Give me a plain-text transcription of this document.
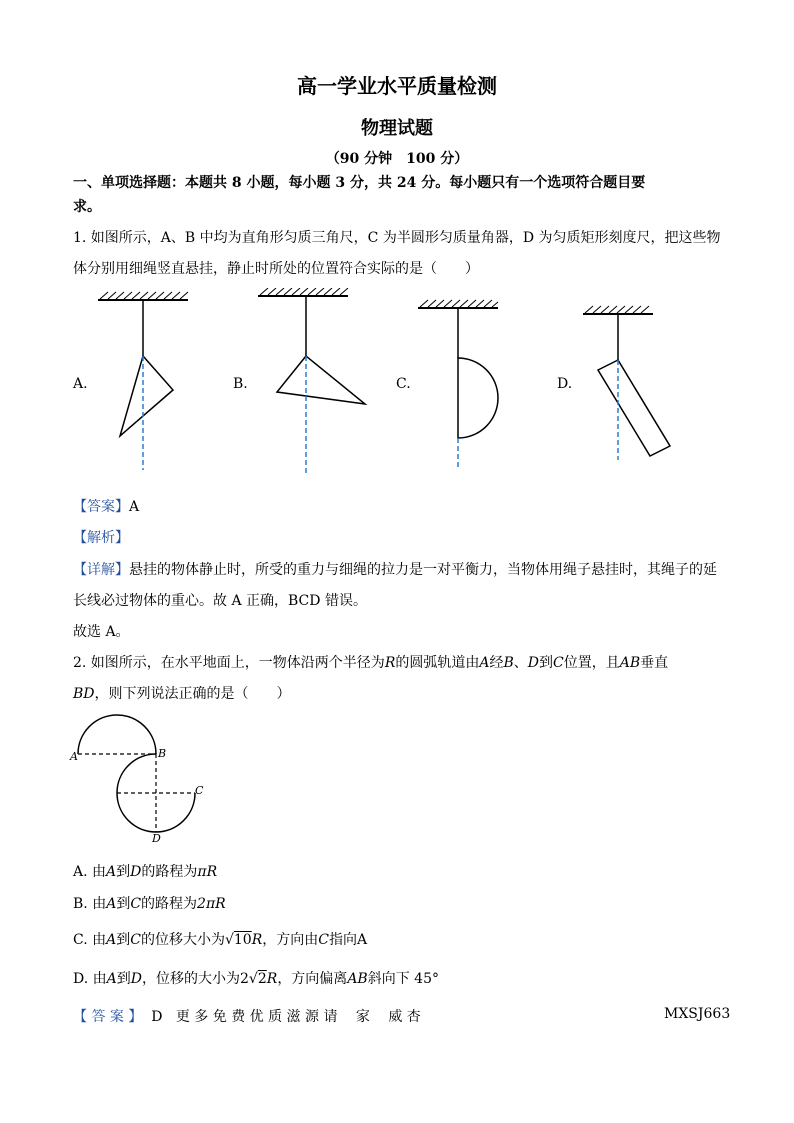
高一学业水平质量检测
物理试题
（90 分钟　100 分）
一、单项选择题：本题共 8 小题，每小题 3 分，共 24 分。每小题只有一个选项符合题目要
求。
1. 如图所示，A、B 中均为直角形匀质三角尺，C 为半圆形匀质量角器，D 为匀质矩形刻度尺，把这些物
体分别用细绳竖直悬挂，静止时所处的位置符合实际的是（　　）
A.	B.	C.	D.
【答案】A
【解析】
【详解】悬挂的物体静止时，所受的重力与细绳的拉力是一对平衡力，当物体用绳子悬挂时，其绳子的延
长线必过物体的重心。故 A 正确，BCD 错误。
故选 A。
2. 如图所示，在水平地面上，一物体沿两个半径为R的圆弧轨道由A经B、D到C位置，且AB垂直
BD，则下列说法正确的是（　　）
A	B
C
D
A. 由A到D的路程为πR
B. 由A到C的路程为2πR
C. 由A到C的位移大小为√10R，方向由C指向A
D. 由A到D，位移的大小为2√2R，方向偏离AB斜向下 45°
【 答 案 】 D 更 多 免 费 优 质 滋 源 请　 家　 威 杏	MXSJ663
